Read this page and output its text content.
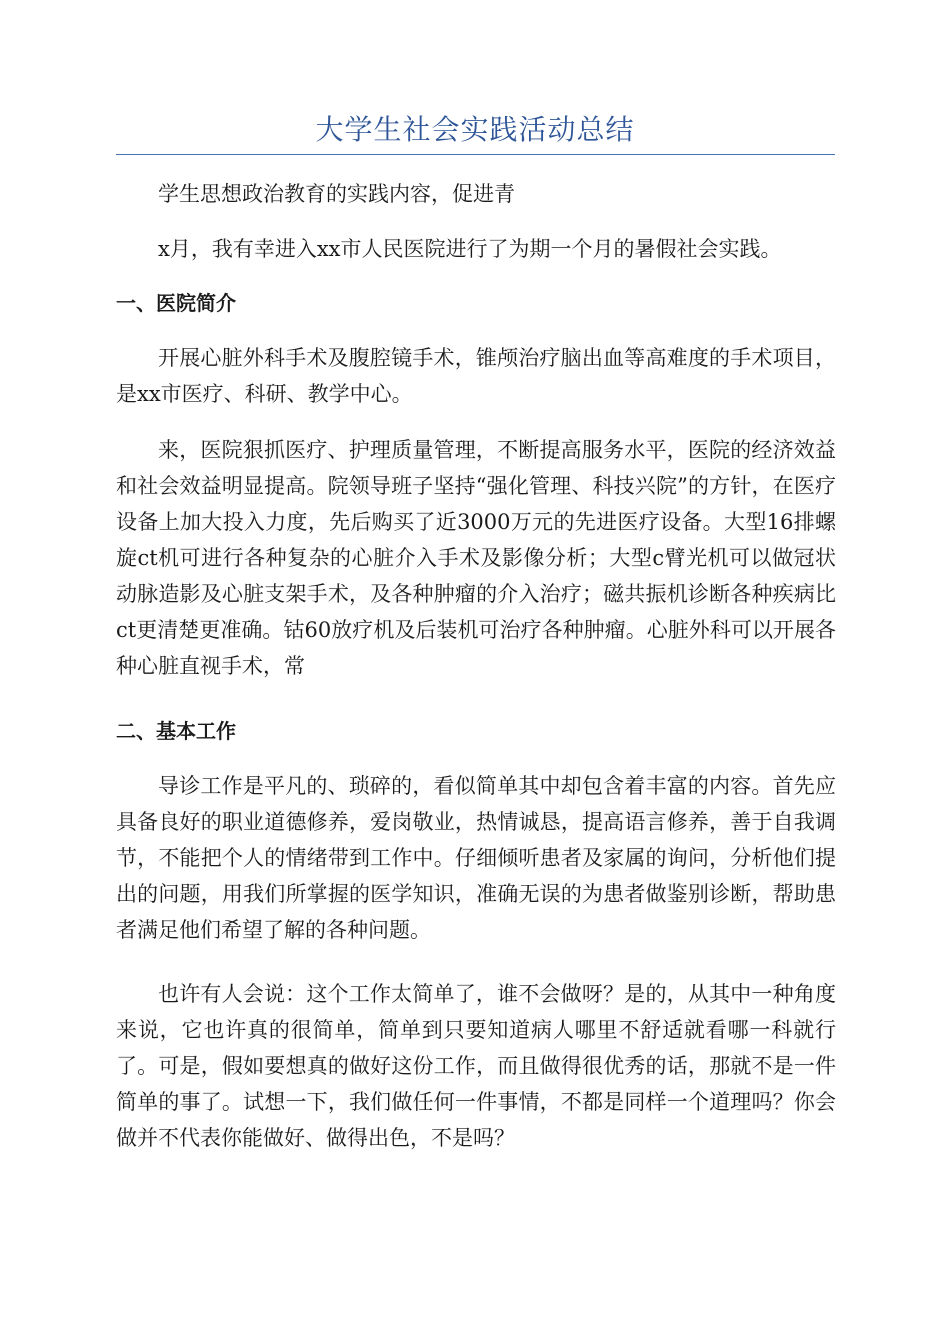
大学生社会实践活动总结

学生思想政治教育的实践内容，促进青

x月，我有幸进入xx市人民医院进行了为期一个月的暑假社会实践。

一、医院简介

开展心脏外科手术及腹腔镜手术，锥颅治疗脑出血等高难度的手术项目，是xx市医疗、科研、教学中心。

来，医院狠抓医疗、护理质量管理，不断提高服务水平，医院的经济效益和社会效益明显提高。院领导班子坚持“强化管理、科技兴院”的方针，在医疗设备上加大投入力度，先后购买了近3000万元的先进医疗设备。大型16排螺旋ct机可进行各种复杂的心脏介入手术及影像分析；大型c臂光机可以做冠状动脉造影及心脏支架手术，及各种肿瘤的介入治疗；磁共振机诊断各种疾病比ct更清楚更准确。钴60放疗机及后装机可治疗各种肿瘤。心脏外科可以开展各种心脏直视手术，常

二、基本工作

导诊工作是平凡的、琐碎的，看似简单其中却包含着丰富的内容。首先应具备良好的职业道德修养，爱岗敬业，热情诚恳，提高语言修养，善于自我调节，不能把个人的情绪带到工作中。仔细倾听患者及家属的询问，分析他们提出的问题，用我们所掌握的医学知识，准确无误的为患者做鉴别诊断，帮助患者满足他们希望了解的各种问题。

也许有人会说：这个工作太简单了，谁不会做呀？是的，从其中一种角度来说，它也许真的很简单，简单到只要知道病人哪里不舒适就看哪一科就行了。可是，假如要想真的做好这份工作，而且做得很优秀的话，那就不是一件简单的事了。试想一下，我们做任何一件事情，不都是同样一个道理吗？你会做并不代表你能做好、做得出色，不是吗？
